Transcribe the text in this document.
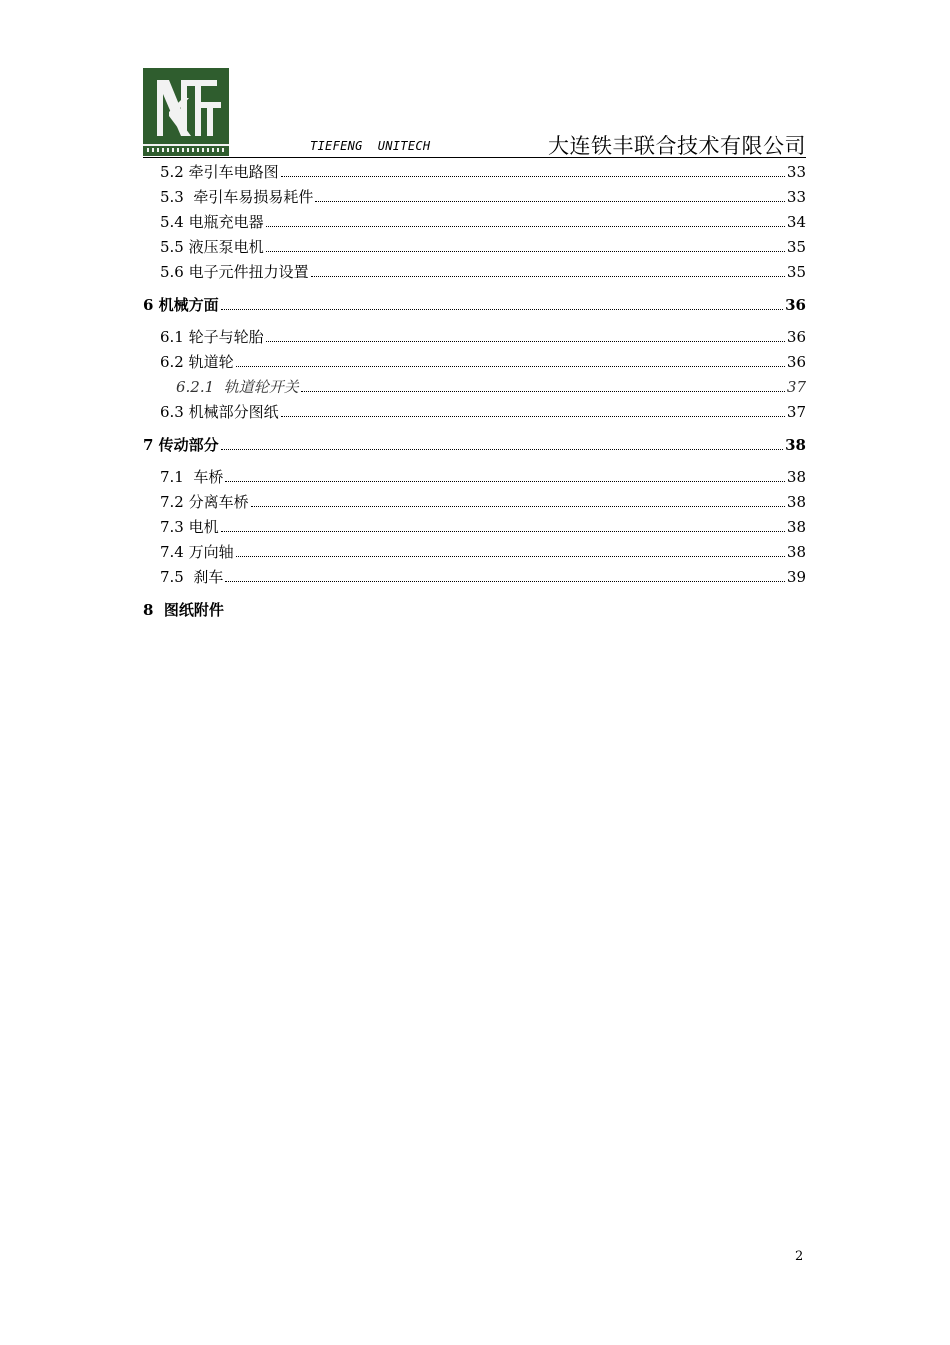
TIEFENG  UNITECH	大连铁丰联合技术有限公司
5.2 牵引车电路图	33
5.3  牵引车易损易耗件	33
5.4 电瓶充电器	34
5.5 液压泵电机	35
5.6 电子元件扭力设置	35
6 机械方面	36
6.1 轮子与轮胎	36
6.2 轨道轮	36
6.2.1  轨道轮开关	37
6.3 机械部分图纸	37
7 传动部分	38
7.1  车桥	38
7.2 分离车桥	38
7.3 电机	38
7.4 万向轴	38
7.5  刹车	39
8  图纸附件
2
